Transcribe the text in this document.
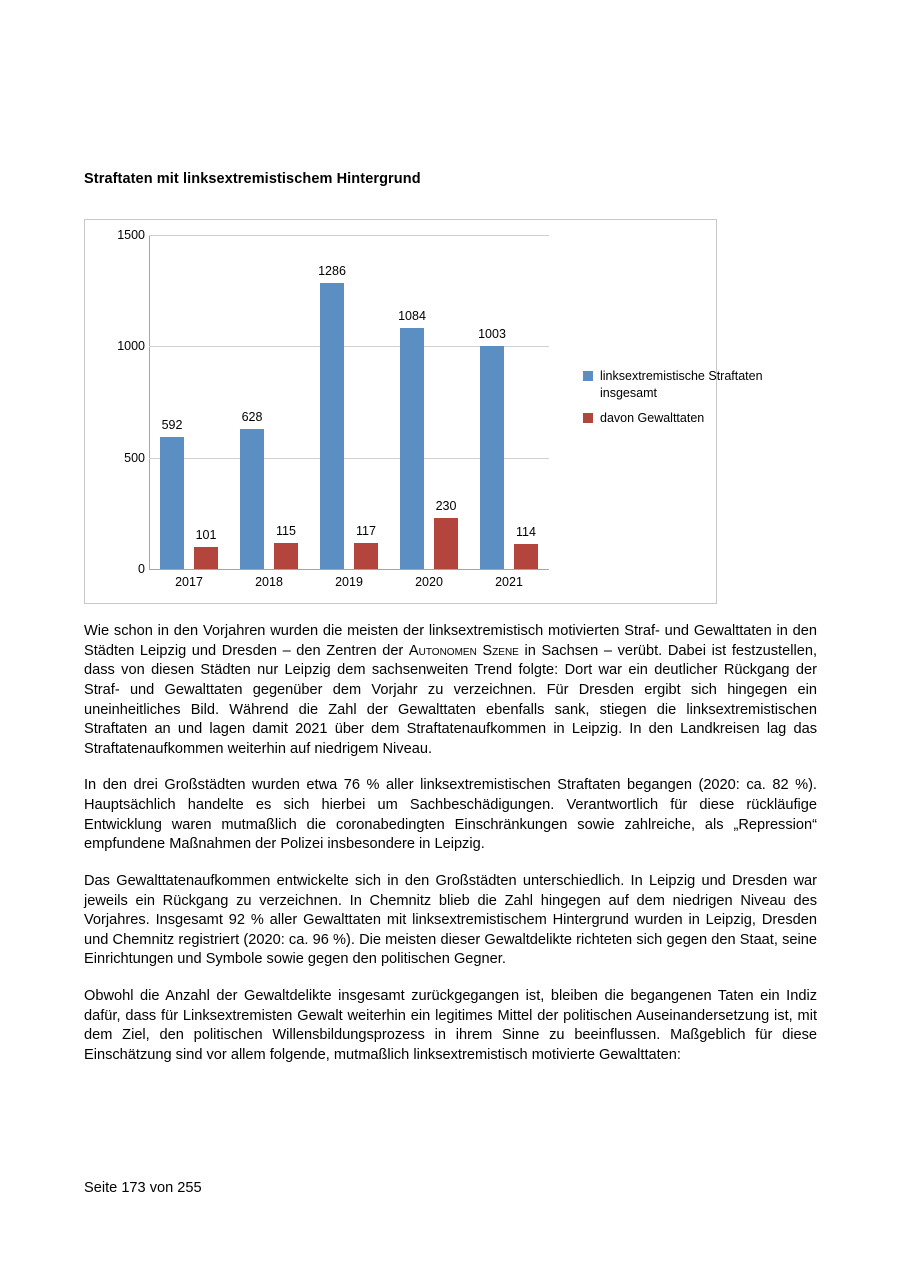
Straftaten mit linksextremistischem Hintergrund
0
500
1000
1500
592
101
628
115
1286
117
1084
230
1003
114
2017	2018	2019	2020	2021
linksextremistische Straftaten insgesamt
davon Gewalttaten

Wie schon in den Vorjahren wurden die meisten der linksextremistisch motivierten Straf- und Gewalttaten in den Städten Leipzig und Dresden – den Zentren der Autonomen Szene in Sachsen – verübt. Dabei ist festzustellen, dass von diesen Städten nur Leipzig dem sachsenweiten Trend folgte: Dort war ein deutlicher Rückgang der Straf- und Gewalttaten gegenüber dem Vorjahr zu verzeichnen. Für Dresden ergibt sich hingegen ein uneinheitliches Bild. Während die Zahl der Gewalttaten ebenfalls sank, stiegen die linksextremistischen Straftaten an und lagen damit 2021 über dem Straftatenaufkommen in Leipzig. In den Landkreisen lag das Straftatenaufkommen weiterhin auf niedrigem Niveau.

In den drei Großstädten wurden etwa 76 % aller linksextremistischen Straftaten begangen (2020: ca. 82 %). Hauptsächlich handelte es sich hierbei um Sachbeschädigungen. Verantwortlich für diese rückläufige Entwicklung waren mutmaßlich die coronabedingten Einschränkungen sowie zahlreiche, als „Repression“ empfundene Maßnahmen der Polizei insbesondere in Leipzig.

Das Gewalttatenaufkommen entwickelte sich in den Großstädten unterschiedlich. In Leipzig und Dresden war jeweils ein Rückgang zu verzeichnen. In Chemnitz blieb die Zahl hingegen auf dem niedrigen Niveau des Vorjahres. Insgesamt 92 % aller Gewalttaten mit linksextremistischem Hintergrund wurden in Leipzig, Dresden und Chemnitz registriert (2020: ca. 96 %). Die meisten dieser Gewaltdelikte richteten sich gegen den Staat, seine Einrichtungen und Symbole sowie gegen den politischen Gegner.

Obwohl die Anzahl der Gewaltdelikte insgesamt zurückgegangen ist, bleiben die begangenen Taten ein Indiz dafür, dass für Linksextremisten Gewalt weiterhin ein legitimes Mittel der politischen Auseinandersetzung ist, mit dem Ziel, den politischen Willensbildungsprozess in ihrem Sinne zu beeinflussen. Maßgeblich für diese Einschätzung sind vor allem folgende, mutmaßlich linksextremistisch motivierte Gewalttaten:

Seite 173 von 255
